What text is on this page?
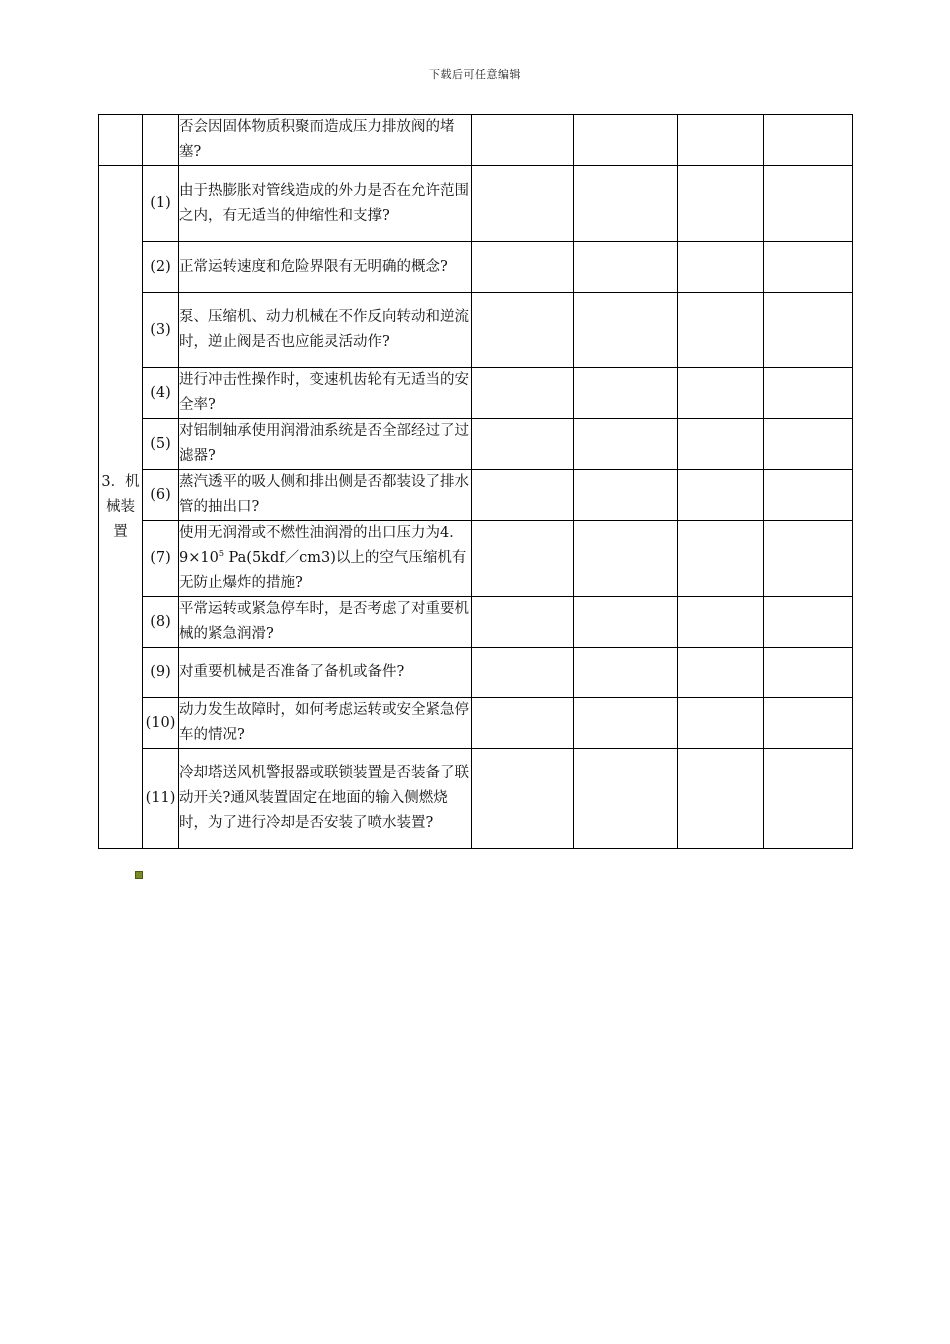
下载后可任意编辑
		否会因固体物质积聚而造成压力排放阀的堵塞?				
3．机械装置	(1)	由于热膨胀对管线造成的外力是否在允许范围之内，有无适当的伸缩性和支撑?				
	(2)	正常运转速度和危险界限有无明确的概念?				
	(3)	泵、压缩机、动力机械在不作反向转动和逆流时，逆止阀是否也应能灵活动作?				
	(4)	进行冲击性操作时，变速机齿轮有无适当的安全率?				
	(5)	对铝制轴承使用润滑油系统是否全部经过了过滤器?				
	(6)	蒸汽透平的吸人侧和排出侧是否都装设了排水管的抽出口?				
	(7)	使用无润滑或不燃性油润滑的出口压力为4．$9\times 10^5$ Pa(5kdf／cm3)以上的空气压缩机有无防止爆炸的措施?				
	(8)	平常运转或紧急停车时，是否考虑了对重要机械的紧急润滑?				
	(9)	对重要机械是否准备了备机或备件?				
	(10)	动力发生故障时，如何考虑运转或安全紧急停车的情况?				
	(11)	冷却塔送风机警报器或联锁装置是否装备了联动开关?通风装置固定在地面的输入侧燃烧时，为了进行冷却是否安装了喷水装置?				
